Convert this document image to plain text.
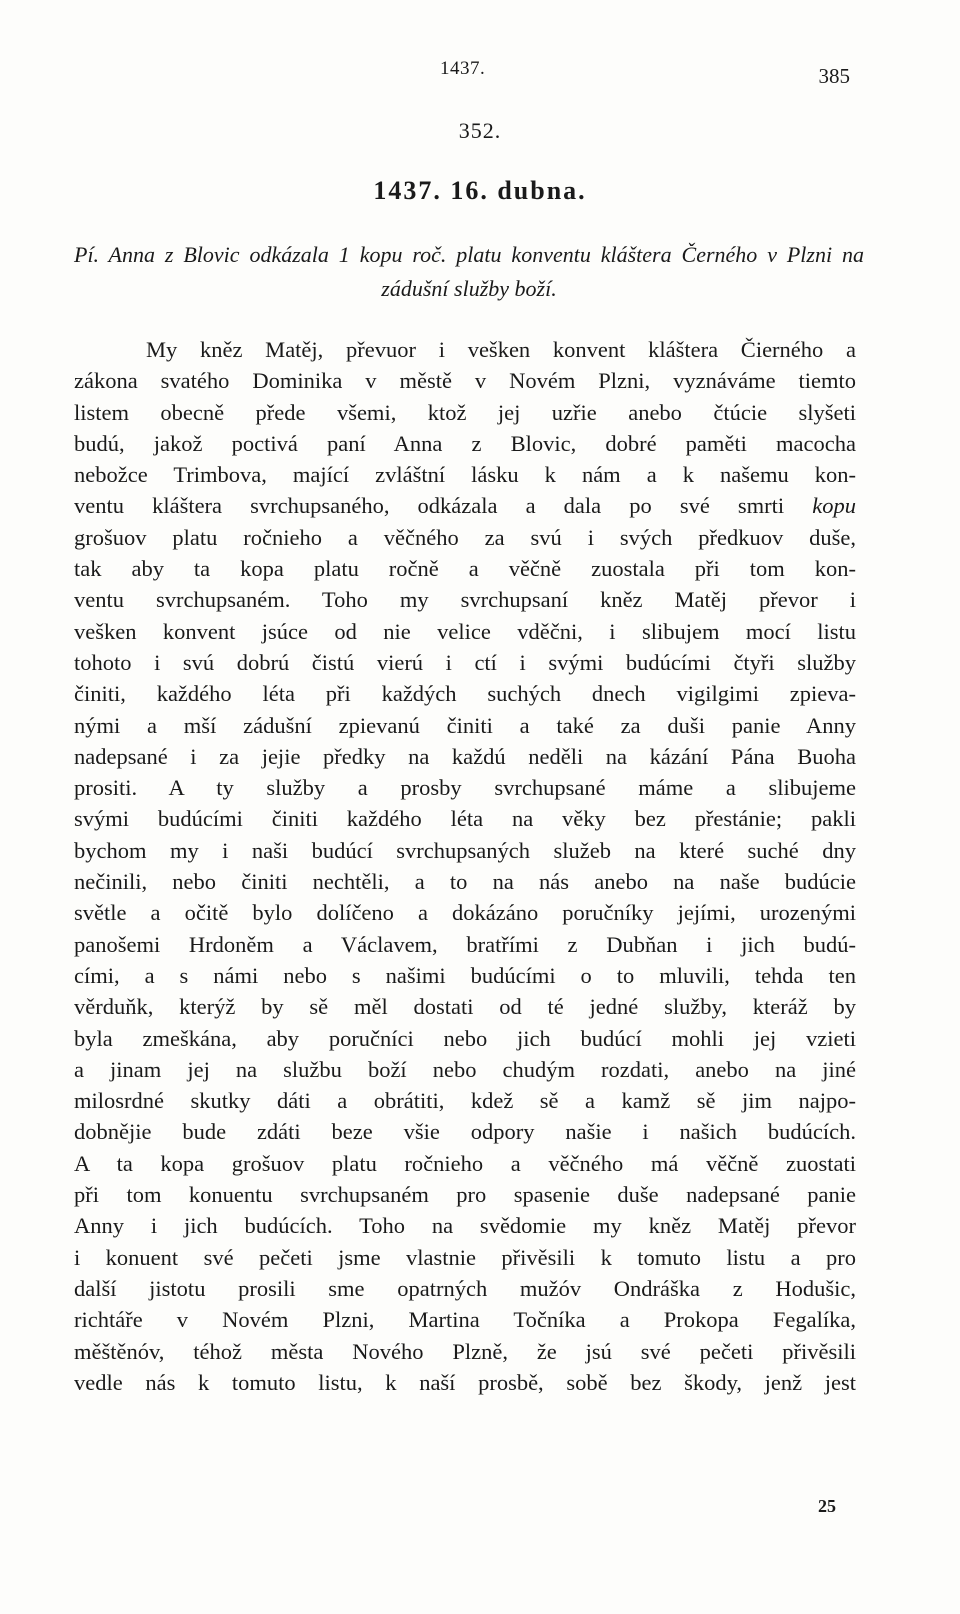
1437.	385
352.
1437. 16. dubna.
Pí. Anna z Blovic odkázala 1 kopu roč. platu konventu kláštera Černého v Plzni na zádušní služby boží.
My kněz Matěj, převuor i vešken konvent kláštera Čierného a
zákona svatého Dominika v městě v Novém Plzni, vyznáváme tiemto
listem obecně přede všemi, ktož jej uzřie anebo čtúcie slyšeti
budú, jakož poctivá paní Anna z Blovic, dobré paměti macocha
nebožce Trimbova, mající zvláštní lásku k nám a k našemu kon-
ventu kláštera svrchupsaného, odkázala a dala po své smrti kopu
grošuov platu ročnieho a věčného za svú i svých předkuov duše,
tak aby ta kopa platu ročně a věčně zuostala při tom kon-
ventu svrchupsaném. Toho my svrchupsaní kněz Matěj převor i
vešken konvent jsúce od nie velice vděčni, i slibujem mocí listu
tohoto i svú dobrú čistú vierú i ctí i svými budúcími čtyři služby
činiti, každého léta při každých suchých dnech vigilgimi zpieva-
nými a mší zádušní zpievanú činiti a také za duši panie Anny
nadepsané i za jejie předky na každú neděli na kázání Pána Buoha
prositi. A ty služby a prosby svrchupsané máme a slibujeme
svými budúcími činiti každého léta na věky bez přestánie; pakli
bychom my i naši budúcí svrchupsaných služeb na které suché dny
nečinili, nebo činiti nechtěli, a to na nás anebo na naše budúcie
světle a očitě bylo dolíčeno a dokázáno poručníky jejími, urozenými
panošemi Hrdoněm a Václavem, bratřími z Dubňan i jich budú-
cími, a s námi nebo s našimi budúcími o to mluvili, tehda ten
věrduňk, kterýž by sě měl dostati od té jedné služby, kteráž by
byla zmeškána, aby poručníci nebo jich budúcí mohli jej vzieti
a jinam jej na službu boží nebo chudým rozdati, anebo na jiné
milosrdné skutky dáti a obrátiti, kdež sě a kamž sě jim najpo-
dobnějie bude zdáti beze všie odpory našie i našich budúcích.
A ta kopa grošuov platu ročnieho a věčného má věčně zuostati
při tom konuentu svrchupsaném pro spasenie duše nadepsané panie
Anny i jich budúcích. Toho na svědomie my kněz Matěj převor
i konuent své pečeti jsme vlastnie přivěsili k tomuto listu a pro
další jistotu prosili sme opatrných mužóv Ondráška z Hodušic,
richtáře v Novém Plzni, Martina Točníka a Prokopa Fegalíka,
měštěnóv, téhož města Nového Plzně, že jsú své pečeti přivěsili
vedle nás k tomuto listu, k naší prosbě, sobě bez škody, jenž jest
25
